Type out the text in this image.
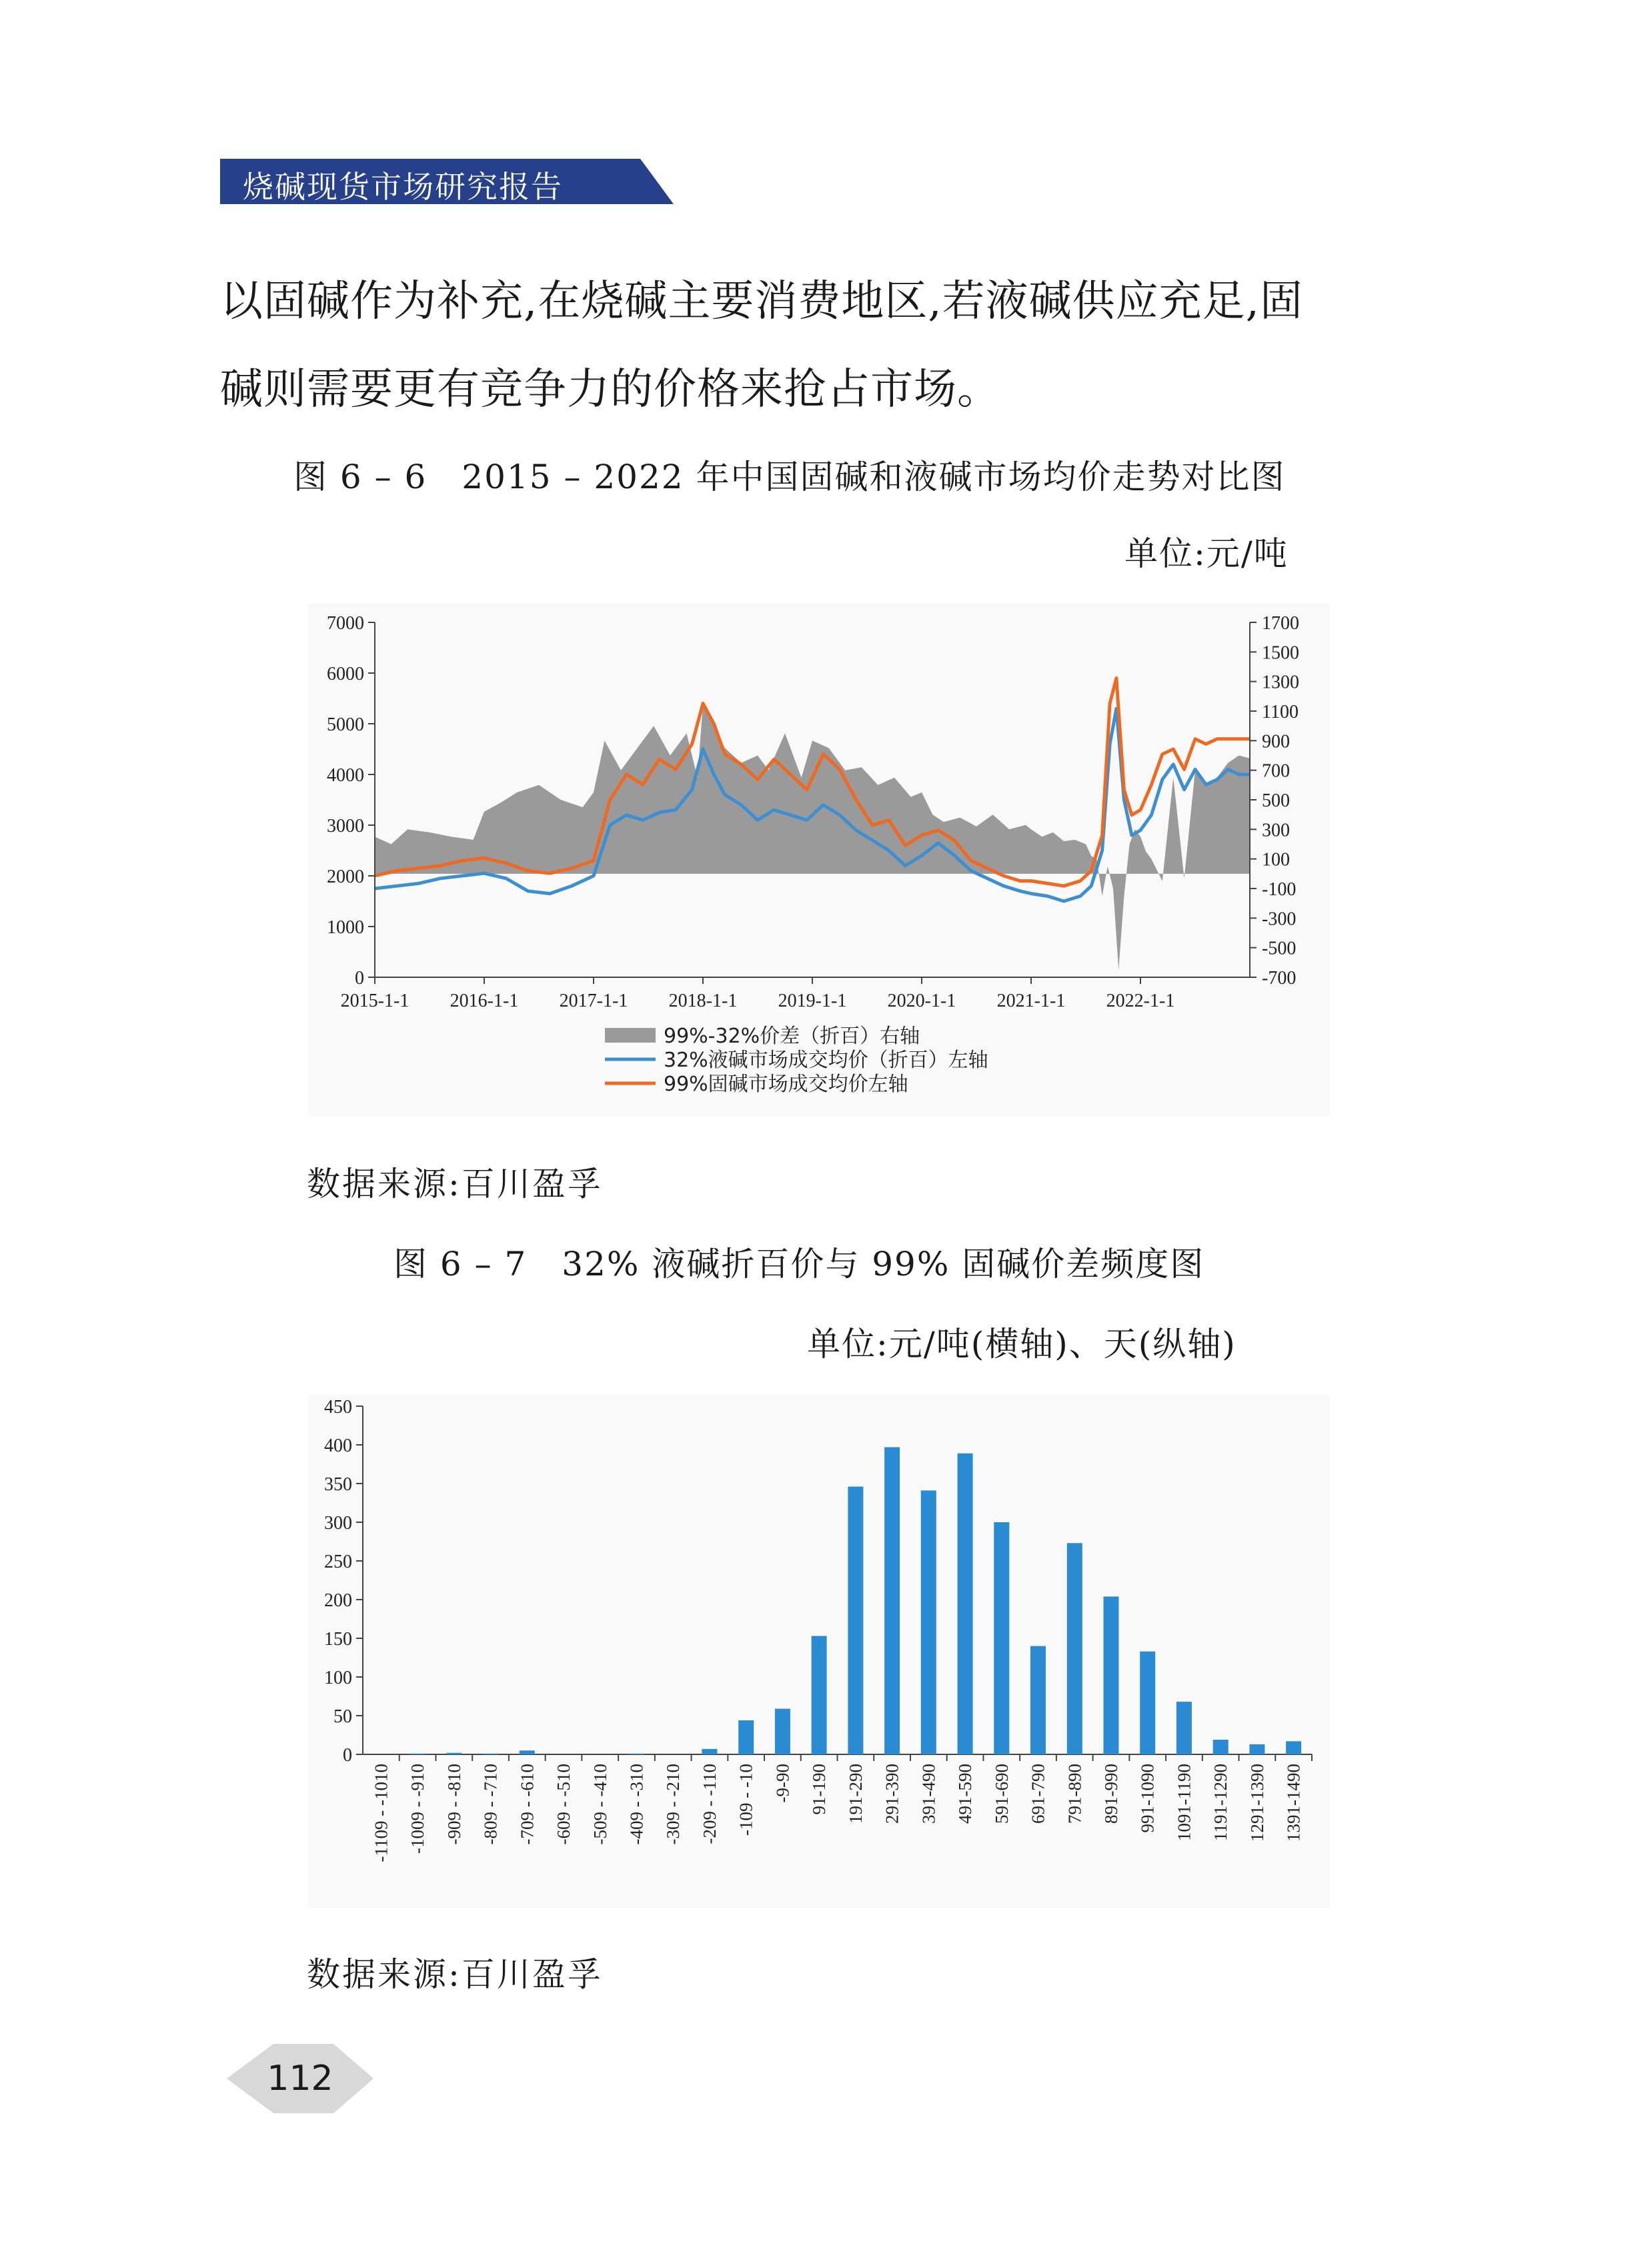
烧碱现货市场研究报告
以固碱作为补充,在烧碱主要消费地区,若液碱供应充足,固
碱则需要更有竞争力的价格来抢占市场。
图 6 – 6　2015 – 2022 年中国固碱和液碱市场均价走势对比图
单位:元/吨
0
1000
2000
3000
4000
5000
6000
7000	1700
1500
1300
1100
900
700
500
300
100
-100
-300
-500
-700
2015-1-1 2016-1-1 2017-1-1 2018-1-1 2019-1-1 2020-1-1 2021-1-1 2022-1-1
99%-32%价差（折百）右轴
32%液碱市场成交均价（折百）左轴
99%固碱市场成交均价左轴
数据来源:百川盈孚
图 6 – 7　32% 液碱折百价与 99% 固碱价差频度图
单位:元/吨(横轴)、天(纵轴)
0
50
100
150
200
250
300
350
400
450
-1109 - -1010 -1009 - -910 -909 - -810 -809 - -710 -709 - -610 -609 - -510 -509 - -410 -409 - -310 -309 - -210 -209 - -110 -109 - -10 -9-90 91-190 191-290 291-390 391-490 491-590 591-690 691-790 791-890 891-990 991-1090 1091-1190 1191-1290 1291-1390 1391-1490
数据来源:百川盈孚
112
